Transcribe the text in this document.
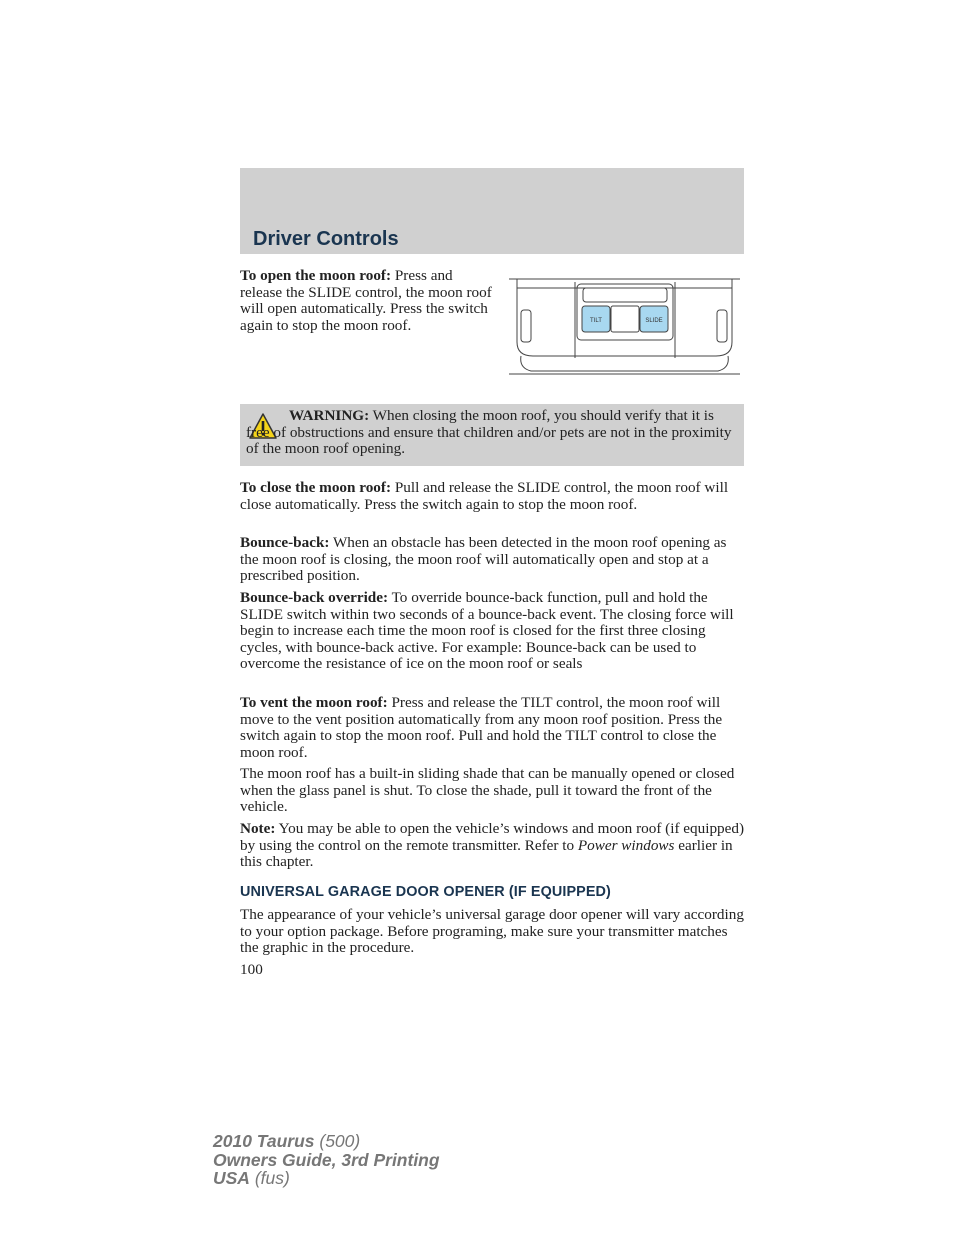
Driver Controls

To open the moon roof: Press and release the SLIDE control, the moon roof will open automatically. Press the switch again to stop the moon roof.	TILT	SLIDE

WARNING: When closing the moon roof, you should verify that it is free of obstructions and ensure that children and/or pets are not in the proximity of the moon roof opening.

To close the moon roof: Pull and release the SLIDE control, the moon roof will close automatically. Press the switch again to stop the moon roof.

Bounce-back: When an obstacle has been detected in the moon roof opening as the moon roof is closing, the moon roof will automatically open and stop at a prescribed position.

Bounce-back override: To override bounce-back function, pull and hold the SLIDE switch within two seconds of a bounce-back event. The closing force will begin to increase each time the moon roof is closed for the first three closing cycles, with bounce-back active. For example: Bounce-back can be used to overcome the resistance of ice on the moon roof or seals

To vent the moon roof: Press and release the TILT control, the moon roof will move to the vent position automatically from any moon roof position. Press the switch again to stop the moon roof. Pull and hold the TILT control to close the moon roof.

The moon roof has a built-in sliding shade that can be manually opened or closed when the glass panel is shut. To close the shade, pull it toward the front of the vehicle.

Note: You may be able to open the vehicle’s windows and moon roof (if equipped) by using the control on the remote transmitter. Refer to Power windows earlier in this chapter.

UNIVERSAL GARAGE DOOR OPENER (IF EQUIPPED)

The appearance of your vehicle’s universal garage door opener will vary according to your option package. Before programing, make sure your transmitter matches the graphic in the procedure.

100
2010 Taurus (500)
Owners Guide, 3rd Printing
USA (fus)
